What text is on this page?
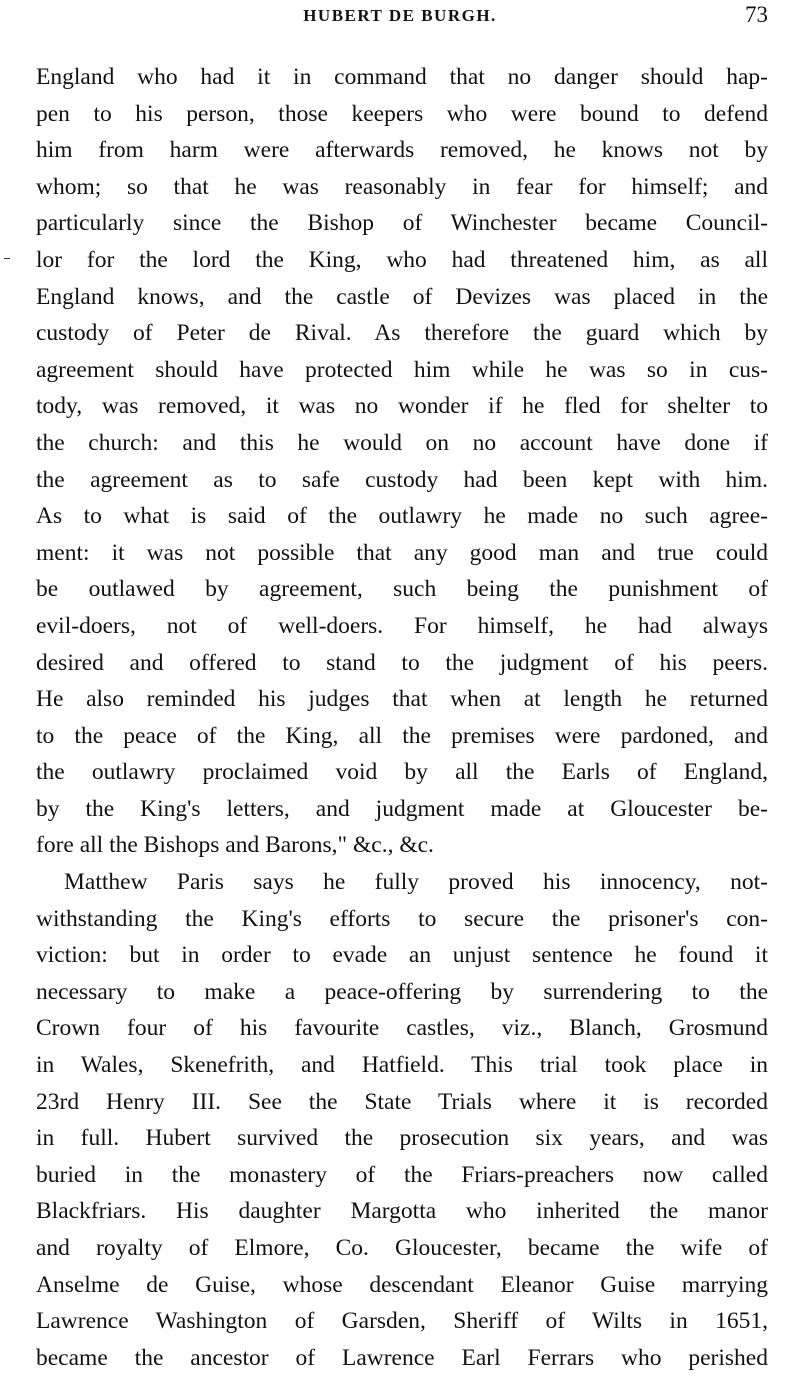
HUBERT DE BURGH.	73
England who had it in command that no danger should hap-
pen to his person, those keepers who were bound to defend
him from harm were afterwards removed, he knows not by
whom; so that he was reasonably in fear for himself; and
particularly since the Bishop of Winchester became Council-
lor for the lord the King, who had threatened him, as all
England knows, and the castle of Devizes was placed in the
custody of Peter de Rival. As therefore the guard which by
agreement should have protected him while he was so in cus-
tody, was removed, it was no wonder if he fled for shelter to
the church: and this he would on no account have done if
the agreement as to safe custody had been kept with him.
As to what is said of the outlawry he made no such agree-
ment: it was not possible that any good man and true could
be outlawed by agreement, such being the punishment of
evil-doers, not of well-doers. For himself, he had always
desired and offered to stand to the judgment of his peers.
He also reminded his judges that when at length he returned
to the peace of the King, all the premises were pardoned, and
the outlawry proclaimed void by all the Earls of England,
by the King's letters, and judgment made at Gloucester be-
fore all the Bishops and Barons," &c., &c.
Matthew Paris says he fully proved his innocency, not-
withstanding the King's efforts to secure the prisoner's con-
viction: but in order to evade an unjust sentence he found it
necessary to make a peace-offering by surrendering to the
Crown four of his favourite castles, viz., Blanch, Grosmund
in Wales, Skenefrith, and Hatfield. This trial took place in
23rd Henry III. See the State Trials where it is recorded
in full. Hubert survived the prosecution six years, and was
buried in the monastery of the Friars-preachers now called
Blackfriars. His daughter Margotta who inherited the manor
and royalty of Elmore, Co. Gloucester, became the wife of
Anselme de Guise, whose descendant Eleanor Guise marrying
Lawrence Washington of Garsden, Sheriff of Wilts in 1651,
became the ancestor of Lawrence Earl Ferrars who perished
